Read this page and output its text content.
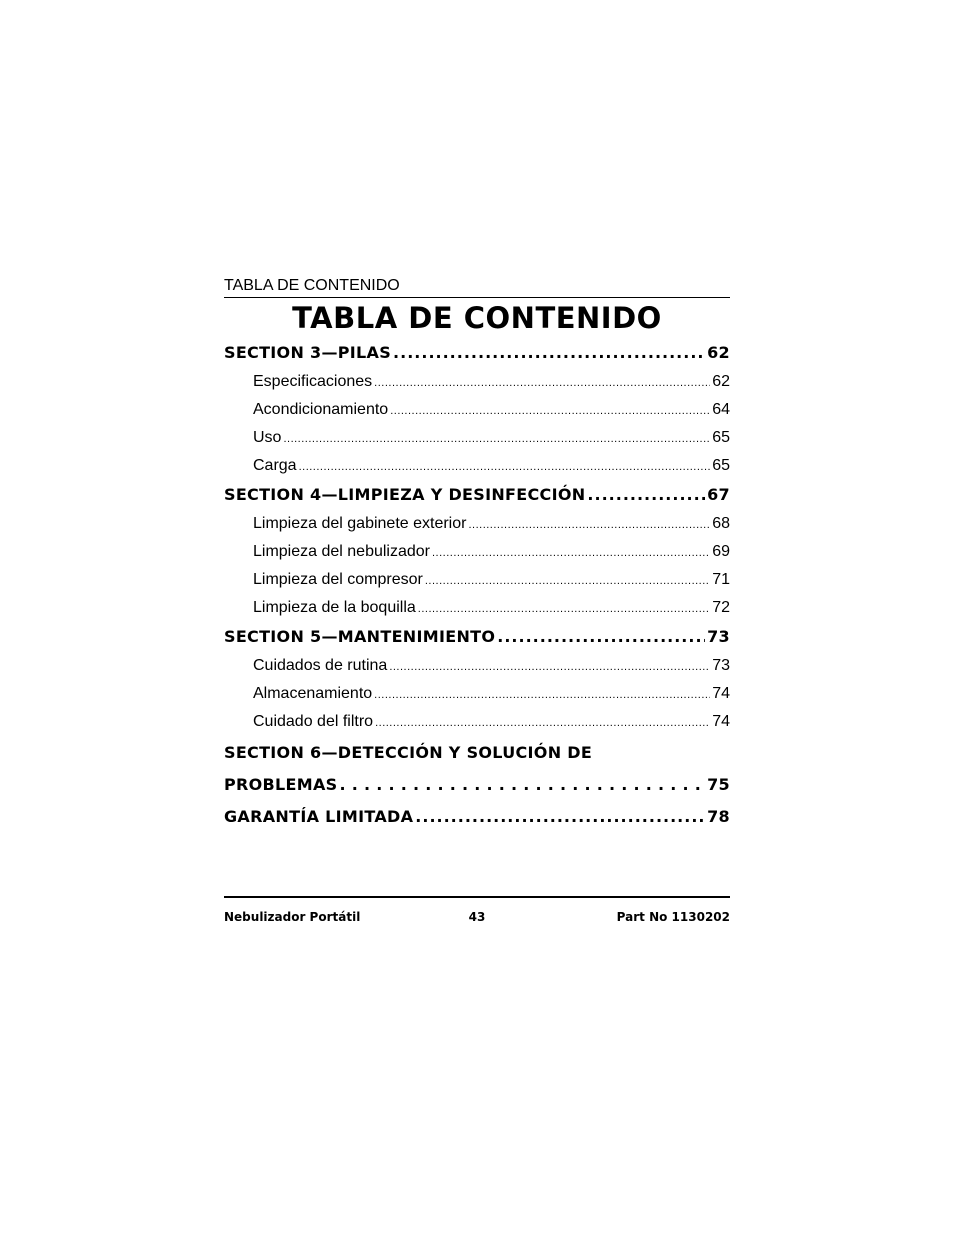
TABLA DE CONTENIDO
TABLA DE CONTENIDO
SECTION 3—PILAS .....	62
Especificaciones .....	62
Acondicionamiento .....	64
Uso .....	65
Carga .....	65
SECTION 4—LIMPIEZA Y DESINFECCIÓN .....	67
Limpieza del gabinete exterior .....	68
Limpieza del nebulizador .....	69
Limpieza del compresor .....	71
Limpieza de la boquilla .....	72
SECTION 5—MANTENIMIENTO .....	73
Cuidados de rutina .....	73
Almacenamiento .....	74
Cuidado del filtro .....	74
SECTION 6—DETECCIÓN Y SOLUCIÓN DE
PROBLEMAS . . .	75
GARANTÍA LIMITADA .....	78
Nebulizador Portátil	43	Part No 1130202
